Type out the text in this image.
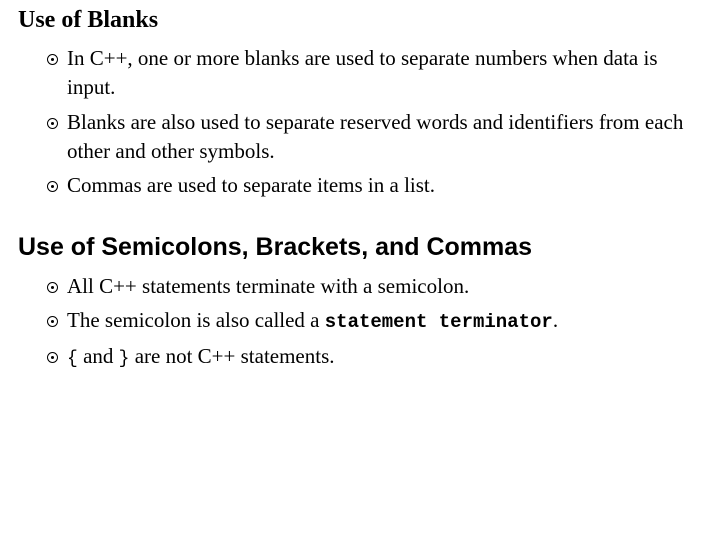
Use of Blanks
In C++, one or more blanks are used to separate numbers when data is input.
Blanks are also used to separate reserved words and identifiers from each other and other symbols.
Commas are used to separate items in a list.
Use of Semicolons, Brackets, and Commas
All C++ statements terminate with a semicolon.
The semicolon is also called a statement terminator.
{ and } are not C++ statements.
